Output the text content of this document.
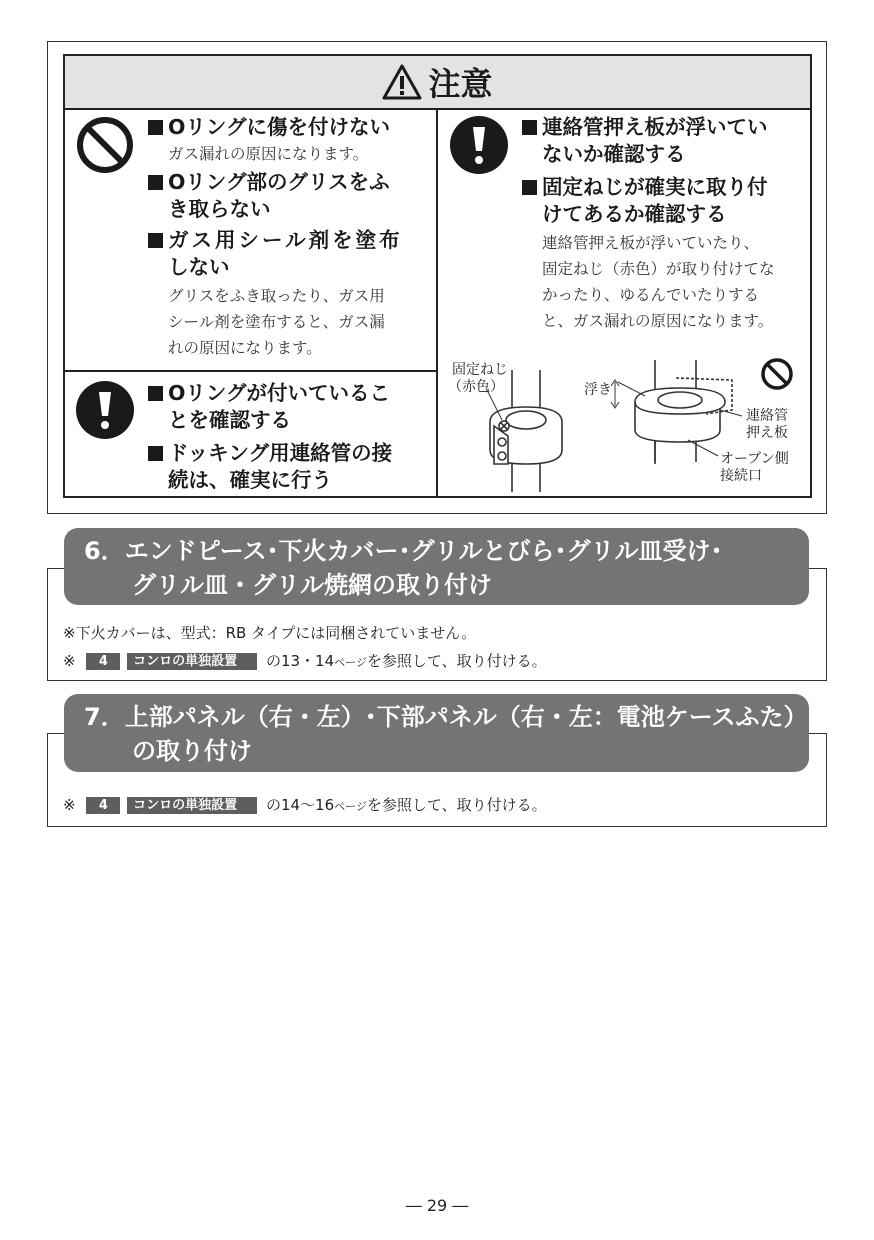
注意
Oリングに傷を付けない
ガス漏れの原因になります。
Oリング部のグリスをふ
き取らない
ガス用シール剤を塗布
しない
グリスをふき取ったり、ガス用
シール剤を塗布すると、ガス漏
れの原因になります。
Oリングが付いているこ
とを確認する
ドッキング用連絡管の接
続は、確実に行う
連絡管押え板が浮いてい
ないか確認する
固定ねじが確実に取り付
けてあるか確認する
連絡管押え板が浮いていたり、
固定ねじ（赤色）が取り付けてな
かったり、ゆるんでいたりする
と、ガス漏れの原因になります。
固定ねじ
（赤色）	浮き
連絡管
押え板
オーブン側
接続口
6．エンドピース･下火カバー･グリルとびら･グリル皿受け･
グリル皿・グリル焼網の取り付け
※下火カバーは、型式：RB タイプには同梱されていません。
※ 4 コンロの単独設置 の13・14ページを参照して、取り付ける。
7．上部パネル（右・左）･下部パネル（右・左：電池ケースふた）
の取り付け
※ 4 コンロの単独設置 の14～16ページを参照して、取り付ける。
― 29 ―
